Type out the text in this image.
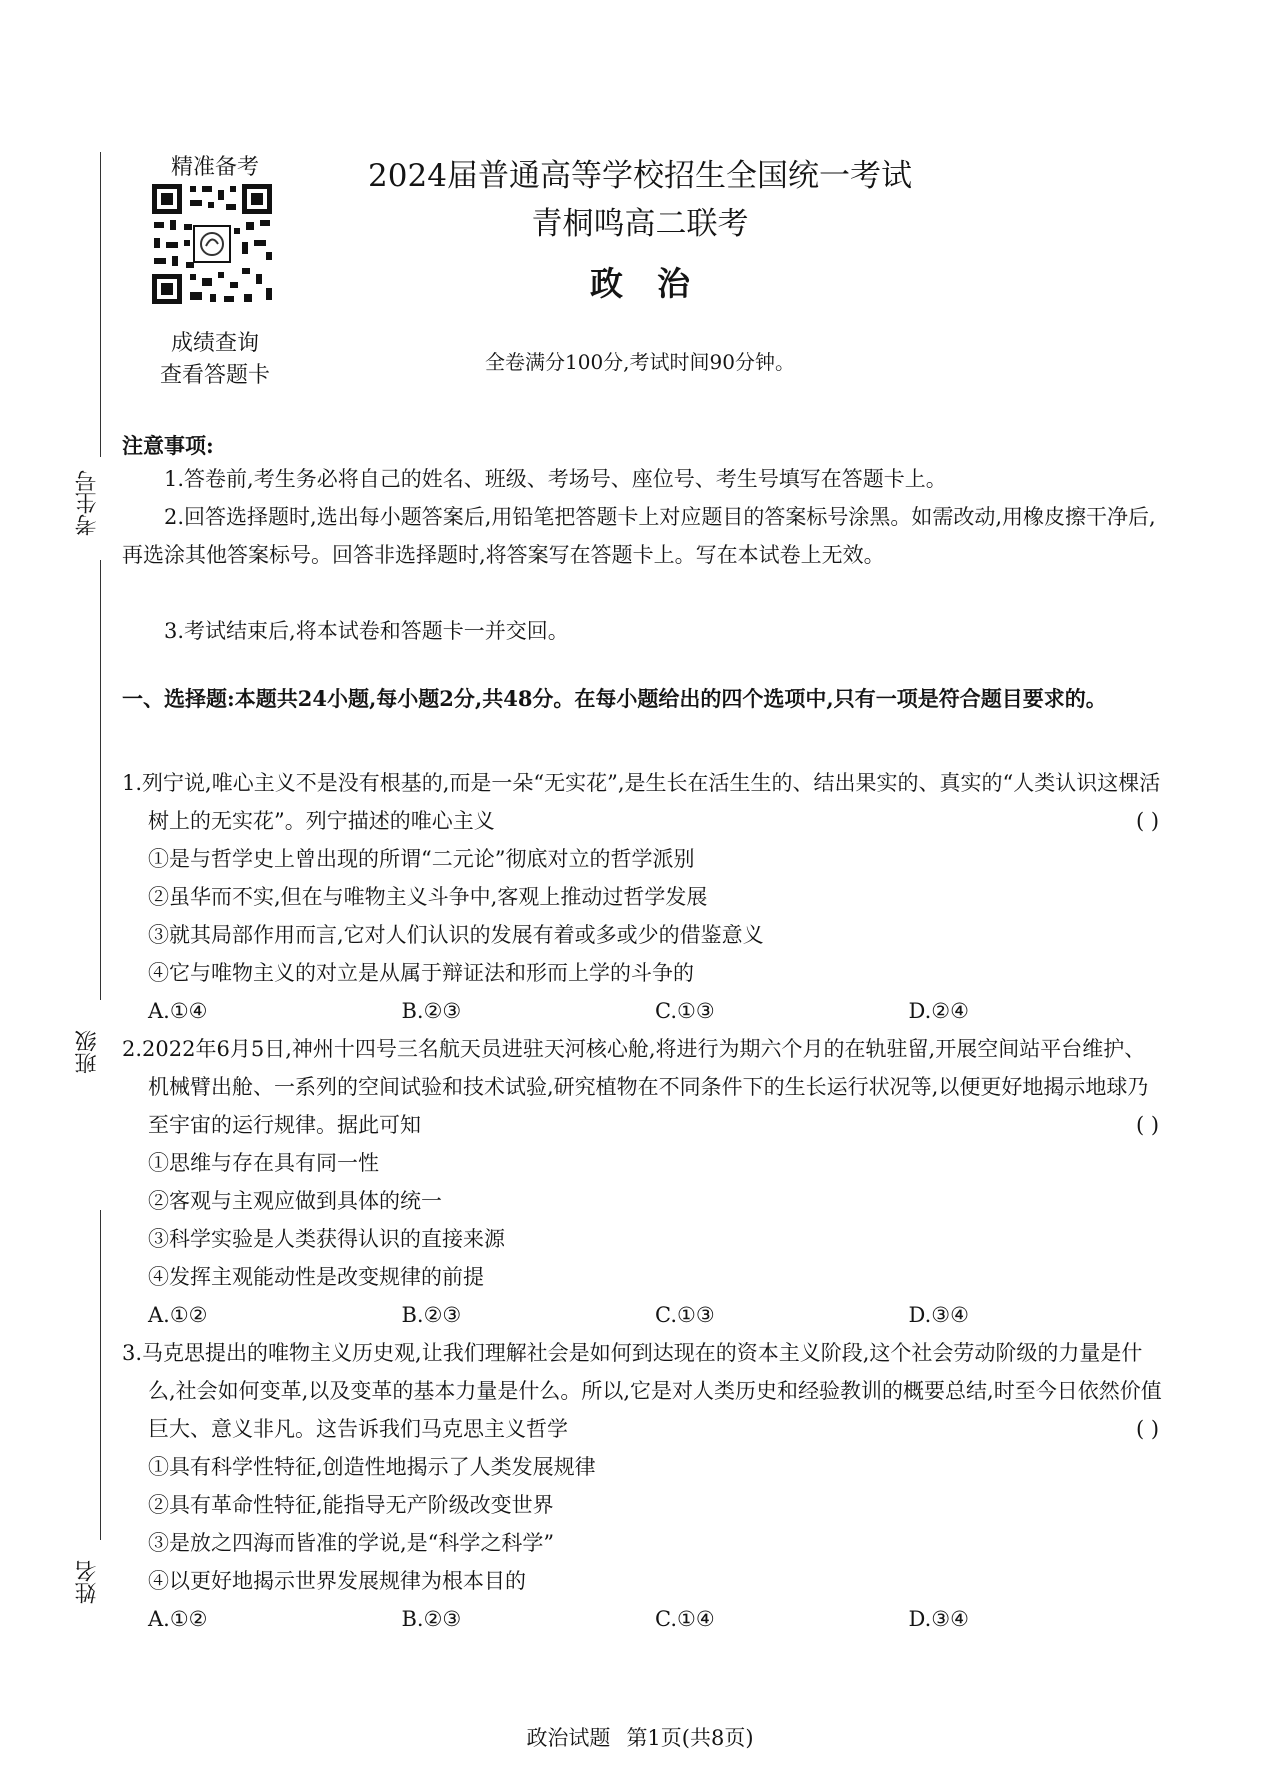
精准备考
成绩查询
查看答题卡
2024届普通高等学校招生全国统一考试
青桐鸣高二联考
政治
全卷满分100分,考试时间90分钟。
考生号
班级
姓名
注意事项:
1.答卷前,考生务必将自己的姓名、班级、考场号、座位号、考生号填写在答题卡上。
2.回答选择题时,选出每小题答案后,用铅笔把答题卡上对应题目的答案标号涂黑。如需改动,用橡皮擦干净后,再选涂其他答案标号。回答非选择题时,将答案写在答题卡上。写在本试卷上无效。
3.考试结束后,将本试卷和答题卡一并交回。
一、选择题:本题共24小题,每小题2分,共48分。在每小题给出的四个选项中,只有一项是符合题目要求的。
1.列宁说,唯心主义不是没有根基的,而是一朵“无实花”,是生长在活生生的、结出果实的、真实的“人类认识这棵活树上的无实花”。列宁描述的唯心主义	( )
①是与哲学史上曾出现的所谓“二元论”彻底对立的哲学派别
②虽华而不实,但在与唯物主义斗争中,客观上推动过哲学发展
③就其局部作用而言,它对人们认识的发展有着或多或少的借鉴意义
④它与唯物主义的对立是从属于辩证法和形而上学的斗争的
A.①④	B.②③	C.①③	D.②④
2.2022年6月5日,神州十四号三名航天员进驻天河核心舱,将进行为期六个月的在轨驻留,开展空间站平台维护、机械臂出舱、一系列的空间试验和技术试验,研究植物在不同条件下的生长运行状况等,以便更好地揭示地球乃至宇宙的运行规律。据此可知	( )
①思维与存在具有同一性
②客观与主观应做到具体的统一
③科学实验是人类获得认识的直接来源
④发挥主观能动性是改变规律的前提
A.①②	B.②③	C.①③	D.③④
3.马克思提出的唯物主义历史观,让我们理解社会是如何到达现在的资本主义阶段,这个社会劳动阶级的力量是什么,社会如何变革,以及变革的基本力量是什么。所以,它是对人类历史和经验教训的概要总结,时至今日依然价值巨大、意义非凡。这告诉我们马克思主义哲学	( )
①具有科学性特征,创造性地揭示了人类发展规律
②具有革命性特征,能指导无产阶级改变世界
③是放之四海而皆准的学说,是“科学之科学”
④以更好地揭示世界发展规律为根本目的
A.①②	B.②③	C.①④	D.③④
政治试题 第1页(共8页)
